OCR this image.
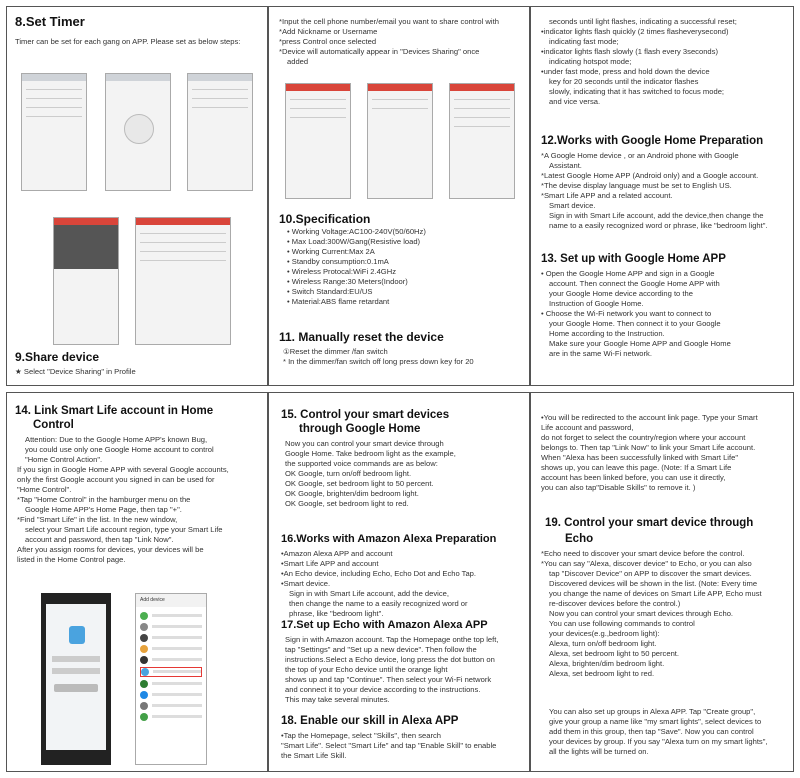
8.Set Timer

Timer can be set for each gang on APP. Please set as below steps:

9.Share device

★ Select "Device Sharing" in Profile

*Input the cell phone number/email you want to share control with
*Add Nickname or Username
*press Control once selected
*Device will automatically appear in "Devices Sharing" once
added

10.Specification

• Working Voltage:AC100-240V(50/60Hz)
• Max Load:300W/Gang(Resistive load)
• Working Current:Max 2A
• Standby consumption:0.1mA
• Wireless Protocal:WiFi 2.4GHz
• Wireless Range:30 Meters(Indoor)
• Switch Standard:EU/US
• Material:ABS flame retardant

11. Manually reset the device

①Reset the dimmer /fan switch
* In the dimmer/fan switch off long press down key for 20
seconds until light flashes, indicating a successful reset;
•indicator lights flash quickly (2 times flasheverysecond)
indicating fast mode;
•indicator lights flash slowly (1 flash every 3seconds)
indicating hotspot mode;
•under fast mode, press and hold down the device
key for 20 seconds until the indicator flashes
slowly, indicating that it has switched to focus mode;
and vice versa.

12.Works with Google Home Preparation

*A Google Home device , or an Android phone with Google
Assistant.
*Latest Google Home APP (Android only) and a Google account.
*The devise display language must be set to English US.
*Smart Life APP and a related account.
Smart device.
Sign in with Smart Life account, add the device,then change the
name to a easily recognized word or phrase, like "bedroom light".

13. Set up with Google Home APP

• Open the Google Home APP and sign in a Google
account. Then connect the Google Home APP with
your Google Home device according to the
Instruction of Google Home.
• Choose the Wi-Fi network you want to connect to
your Google Home. Then connect it to your Google
Home according to the Instruction.
Make sure your Google Home APP and Google Home
are in the same Wi-Fi network.

14. Link Smart Life account in Home

Control

Attention: Due to the Google Home APP's known Bug,
you could use only one Google Home account to control
"Home Control Action".
If you sign in Google Home APP with several Google accounts,
only the first Google account you signed in can be used for
"Home Control".
*Tap "Home Control" in the hamburger menu on the
Google Home APP's Home Page, then tap "+".
*Find "Smart Life" in the list. In the new window,
select your Smart Life account region, type your Smart Life
account and password, then tap "Link Now".
After you assign rooms for devices, your devices will be
listed in the Home Control page.
Add device

15. Control your smart devices

through Google Home

Now you can control your smart device through
Google Home. Take bedroom light as the example,
the supported voice commands are as below:
OK Google, turn on/off bedroom light.
OK Google, set bedroom light to 50 percent.
OK Google, brighten/dim bedroom light.
OK Google, set bedroom light to red.

16.Works with Amazon Alexa Preparation

•Amazon Alexa APP and account
•Smart Life APP and account
•An Echo device, including Echo, Echo Dot and Echo Tap.
•Smart device.
Sign in with Smart Life account, add the device,
then change the name to a easily recognized word or
phrase, like "bedroom light".

17.Set up Echo with Amazon Alexa APP

Sign in with Amazon account. Tap the Homepage onthe top left,
tap "Settings" and "Set up a new device". Then follow the
instructions.Select a Echo device, long press the dot button on
the top of your Echo device until the orange light
shows up and tap "Continue". Then select your Wi-Fi network
and connect it to your device according to the instructions.
This may take several minutes.

18. Enable our skill in Alexa APP

•Tap the Homepage, select "Skills", then search
"Smart Life". Select "Smart Life" and tap "Enable Skill" to enable
the Smart Life Skill.
•You will be redirected to the account link page. Type your Smart
Life account and password,
do not forget to select the country/region where your account
belongs to. Then tap "Link Now" to link your Smart Life account.
When "Alexa has been successfully linked with Smart Life"
shows up, you can leave this page. (Note: If a Smart Life
account has been linked before, you can use it directly,
you can also tap"Disable Skills" to remove it. )

19. Control your smart device through

Echo

*Echo need to discover your smart device before the control.
*You can say "Alexa, discover device" to Echo, or you can also
tap "Discover Device" on APP to discover the smart devices.
Discovered devices will be shown in the list. (Note: Every time
you change the name of devices on Smart Life APP, Echo must
re-discover devices before the control.)
Now you can control your smart devices through Echo.
You can use following commands to control
your devices(e.g.,bedroom light):
Alexa, turn on/off bedroom light.
Alexa, set bedroom light to 50 percent.
Alexa, brighten/dim bedroom light.
Alexa, set bedroom light to red.
You can also set up groups in Alexa APP. Tap "Create group",
give your group a name like "my smart lights", select devices to
add them in this group, then tap "Save". Now you can control
your devices by group. If you say "Alexa turn on my smart lights",
all the lights will be turned on.
